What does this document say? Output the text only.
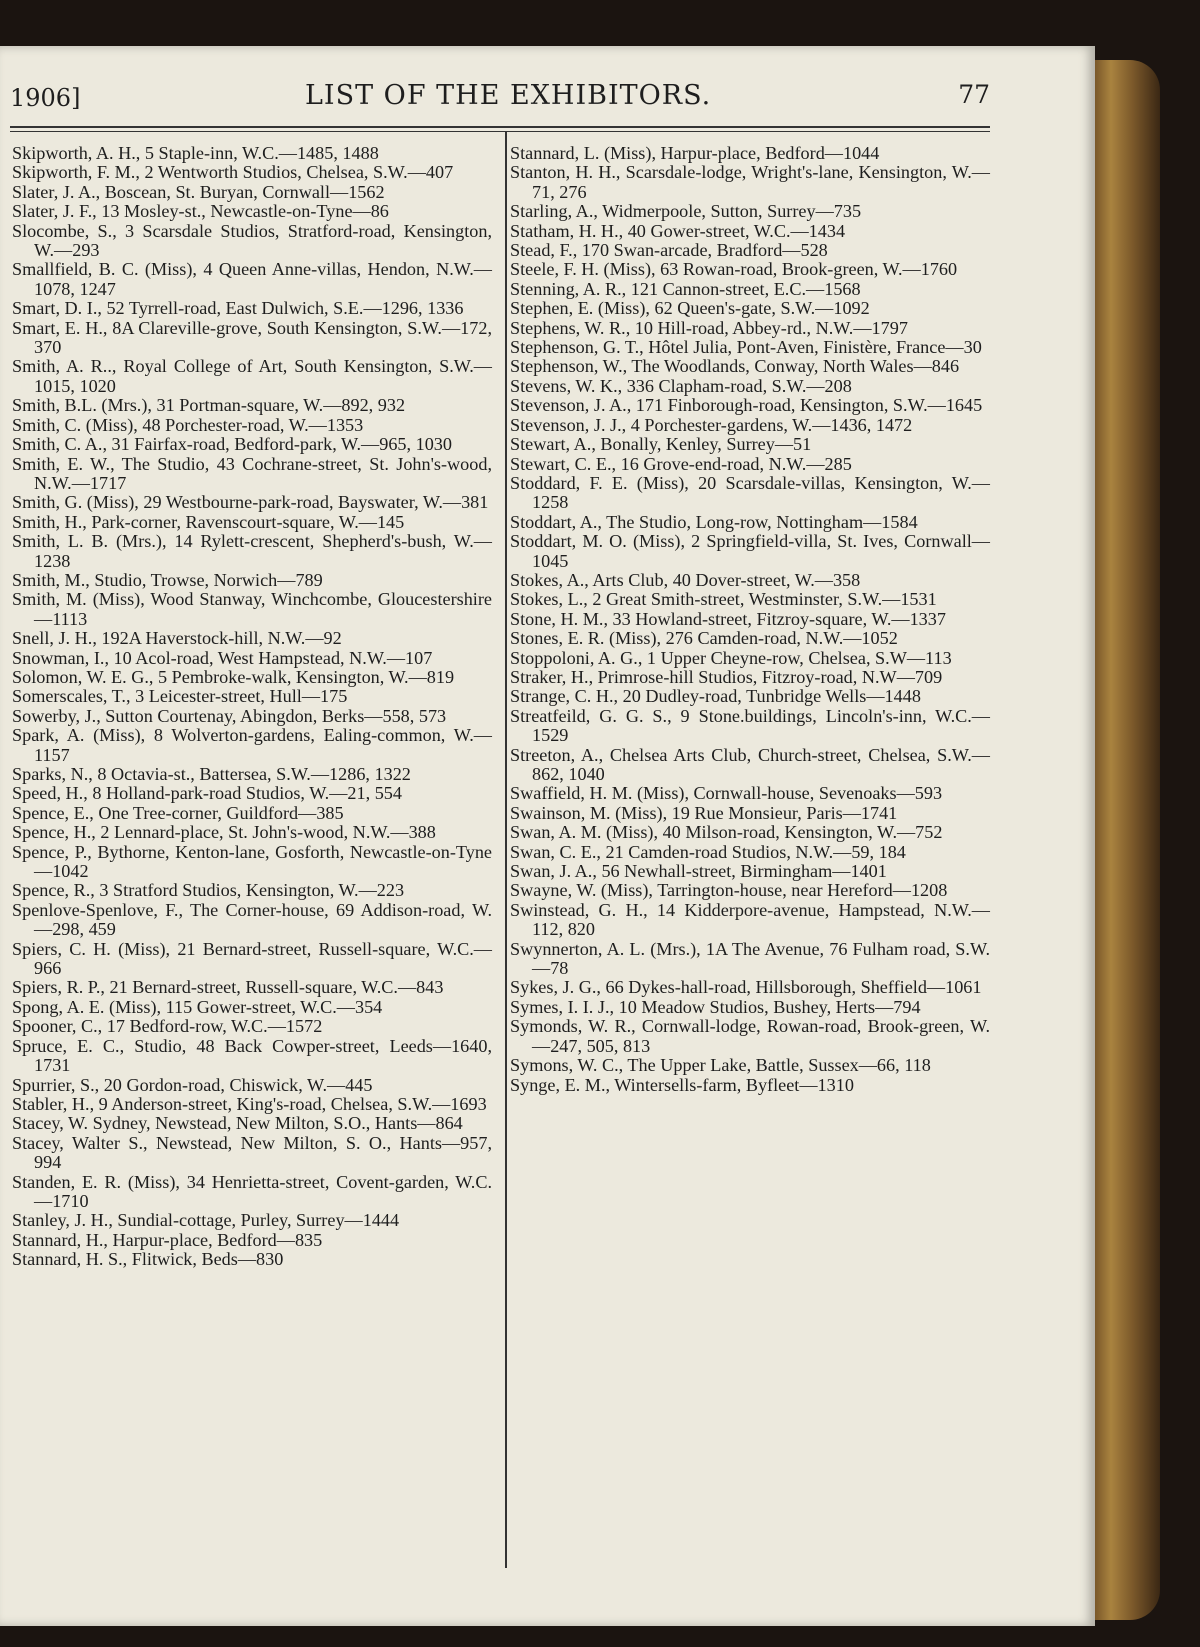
1906]	LIST OF THE EXHIBITORS.	77

Skipworth, A. H., 5 Staple-inn, W.C.—1485, 1488

Skipworth, F. M., 2 Wentworth Studios, Chelsea, S.W.—407

Slater, J. A., Boscean, St. Buryan, Cornwall—1562

Slater, J. F., 13 Mosley-st., Newcastle-on-Tyne—86

Slocombe, S., 3 Scarsdale Studios, Stratford-road, Kensington, W.—293

Smallfield, B. C. (Miss), 4 Queen Anne-villas, Hendon, N.W.—1078, 1247

Smart, D. I., 52 Tyrrell-road, East Dulwich, S.E.—1296, 1336

Smart, E. H., 8A Clareville-grove, South Kensington, S.W.—172, 370

Smith, A. R.., Royal College of Art, South Kensington, S.W.—1015, 1020

Smith, B.L. (Mrs.), 31 Portman-square, W.—892, 932

Smith, C. (Miss), 48 Porchester-road, W.—1353

Smith, C. A., 31 Fairfax-road, Bedford-park, W.—965, 1030

Smith, E. W., The Studio, 43 Cochrane-street, St. John's-wood, N.W.—1717

Smith, G. (Miss), 29 Westbourne-park-road, Bayswater, W.—381

Smith, H., Park-corner, Ravenscourt-square, W.—145

Smith, L. B. (Mrs.), 14 Rylett-crescent, Shepherd's-bush, W.—1238

Smith, M., Studio, Trowse, Norwich—789

Smith, M. (Miss), Wood Stanway, Winchcombe, Gloucestershire—1113

Snell, J. H., 192A Haverstock-hill, N.W.—92

Snowman, I., 10 Acol-road, West Hampstead, N.W.—107

Solomon, W. E. G., 5 Pembroke-walk, Kensington, W.—819

Somerscales, T., 3 Leicester-street, Hull—175

Sowerby, J., Sutton Courtenay, Abingdon, Berks—558, 573

Spark, A. (Miss), 8 Wolverton-gardens, Ealing-common, W.—1157

Sparks, N., 8 Octavia-st., Battersea, S.W.—1286, 1322

Speed, H., 8 Holland-park-road Studios, W.—21, 554

Spence, E., One Tree-corner, Guildford—385

Spence, H., 2 Lennard-place, St. John's-wood, N.W.—388

Spence, P., Bythorne, Kenton-lane, Gosforth, Newcastle-on-Tyne—1042

Spence, R., 3 Stratford Studios, Kensington, W.—223

Spenlove-Spenlove, F., The Corner-house, 69 Addison-road, W.—298, 459

Spiers, C. H. (Miss), 21 Bernard-street, Russell-square, W.C.—966

Spiers, R. P., 21 Bernard-street, Russell-square, W.C.—843

Spong, A. E. (Miss), 115 Gower-street, W.C.—354

Spooner, C., 17 Bedford-row, W.C.—1572

Spruce, E. C., Studio, 48 Back Cowper-street, Leeds—1640, 1731

Spurrier, S., 20 Gordon-road, Chiswick, W.—445

Stabler, H., 9 Anderson-street, King's-road, Chelsea, S.W.—1693

Stacey, W. Sydney, Newstead, New Milton, S.O., Hants—864

Stacey, Walter S., Newstead, New Milton, S. O., Hants—957, 994

Standen, E. R. (Miss), 34 Henrietta-street, Covent-garden, W.C.—1710

Stanley, J. H., Sundial-cottage, Purley, Surrey—1444

Stannard, H., Harpur-place, Bedford—835

Stannard, H. S., Flitwick, Beds—830

Stannard, L. (Miss), Harpur-place, Bedford—1044

Stanton, H. H., Scarsdale-lodge, Wright's-lane, Kensington, W.—71, 276

Starling, A., Widmerpoole, Sutton, Surrey—735

Statham, H. H., 40 Gower-street, W.C.—1434

Stead, F., 170 Swan-arcade, Bradford—528

Steele, F. H. (Miss), 63 Rowan-road, Brook-green, W.—1760

Stenning, A. R., 121 Cannon-street, E.C.—1568

Stephen, E. (Miss), 62 Queen's-gate, S.W.—1092

Stephens, W. R., 10 Hill-road, Abbey-rd., N.W.—1797

Stephenson, G. T., Hôtel Julia, Pont-Aven, Finistère, France—30

Stephenson, W., The Woodlands, Conway, North Wales—846

Stevens, W. K., 336 Clapham-road, S.W.—208

Stevenson, J. A., 171 Finborough-road, Kensington, S.W.—1645

Stevenson, J. J., 4 Porchester-gardens, W.—1436, 1472

Stewart, A., Bonally, Kenley, Surrey—51

Stewart, C. E., 16 Grove-end-road, N.W.—285

Stoddard, F. E. (Miss), 20 Scarsdale-villas, Kensington, W.—1258

Stoddart, A., The Studio, Long-row, Nottingham—1584

Stoddart, M. O. (Miss), 2 Springfield-villa, St. Ives, Cornwall—1045

Stokes, A., Arts Club, 40 Dover-street, W.—358

Stokes, L., 2 Great Smith-street, Westminster, S.W.—1531

Stone, H. M., 33 Howland-street, Fitzroy-square, W.—1337

Stones, E. R. (Miss), 276 Camden-road, N.W.—1052

Stoppoloni, A. G., 1 Upper Cheyne-row, Chelsea, S.W—113

Straker, H., Primrose-hill Studios, Fitzroy-road, N.W—709

Strange, C. H., 20 Dudley-road, Tunbridge Wells—1448

Streatfeild, G. G. S., 9 Stone.buildings, Lincoln's-inn, W.C.—1529

Streeton, A., Chelsea Arts Club, Church-street, Chelsea, S.W.—862, 1040

Swaffield, H. M. (Miss), Cornwall-house, Sevenoaks—593

Swainson, M. (Miss), 19 Rue Monsieur, Paris—1741

Swan, A. M. (Miss), 40 Milson-road, Kensington, W.—752

Swan, C. E., 21 Camden-road Studios, N.W.—59, 184

Swan, J. A., 56 Newhall-street, Birmingham—1401

Swayne, W. (Miss), Tarrington-house, near Hereford—1208

Swinstead, G. H., 14 Kidderpore-avenue, Hampstead, N.W.—112, 820

Swynnerton, A. L. (Mrs.), 1A The Avenue, 76 Fulham road, S.W.—78

Sykes, J. G., 66 Dykes-hall-road, Hillsborough, Sheffield—1061

Symes, I. I. J., 10 Meadow Studios, Bushey, Herts—794

Symonds, W. R., Cornwall-lodge, Rowan-road, Brook-green, W.—247, 505, 813

Symons, W. C., The Upper Lake, Battle, Sussex—66, 118

Synge, E. M., Wintersells-farm, Byfleet—1310
